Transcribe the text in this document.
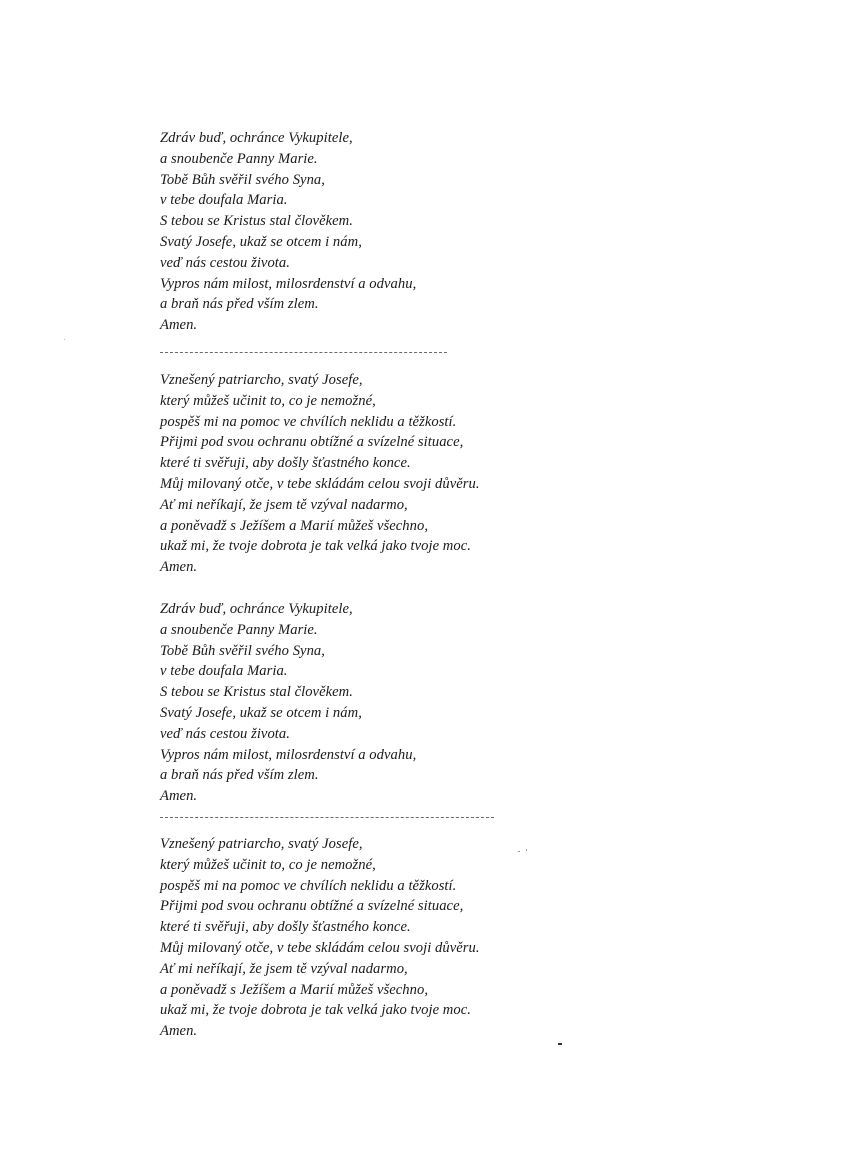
Zdráv buď, ochránce Vykupitele,
a snoubenče Panny Marie.
Tobě Bůh svěřil svého Syna,
v tebe doufala Maria.
S tebou se Kristus stal člověkem.
Svatý Josefe, ukaž se otcem i nám,
veď nás cestou života.
Vypros nám milost, milosrdenství a odvahu,
a braň nás před vším zlem.
Amen.
Vznešený patriarcho, svatý Josefe,
který můžeš učinit to, co je nemožné,
pospěš mi na pomoc ve chvílích neklidu a těžkostí.
Přijmi pod svou ochranu obtížné a svízelné situace,
které ti svěřuji, aby došly šťastného konce.
Můj milovaný otče, v tebe skládám celou svoji důvěru.
Ať mi neříkají, že jsem tě vzýval nadarmo,
a poněvadž s Ježíšem a Marií můžeš všechno,
ukaž mi, že tvoje dobrota je tak velká jako tvoje moc.
Amen.
Zdráv buď, ochránce Vykupitele,
a snoubenče Panny Marie.
Tobě Bůh svěřil svého Syna,
v tebe doufala Maria.
S tebou se Kristus stal člověkem.
Svatý Josefe, ukaž se otcem i nám,
veď nás cestou života.
Vypros nám milost, milosrdenství a odvahu,
a braň nás před vším zlem.
Amen.
Vznešený patriarcho, svatý Josefe,
který můžeš učinit to, co je nemožné,
pospěš mi na pomoc ve chvílích neklidu a těžkostí.
Přijmi pod svou ochranu obtížné a svízelné situace,
které ti svěřuji, aby došly šťastného konce.
Můj milovaný otče, v tebe skládám celou svoji důvěru.
Ať mi neříkají, že jsem tě vzýval nadarmo,
a poněvadž s Ježíšem a Marií můžeš všechno,
ukaž mi, že tvoje dobrota je tak velká jako tvoje moc.
Amen.
